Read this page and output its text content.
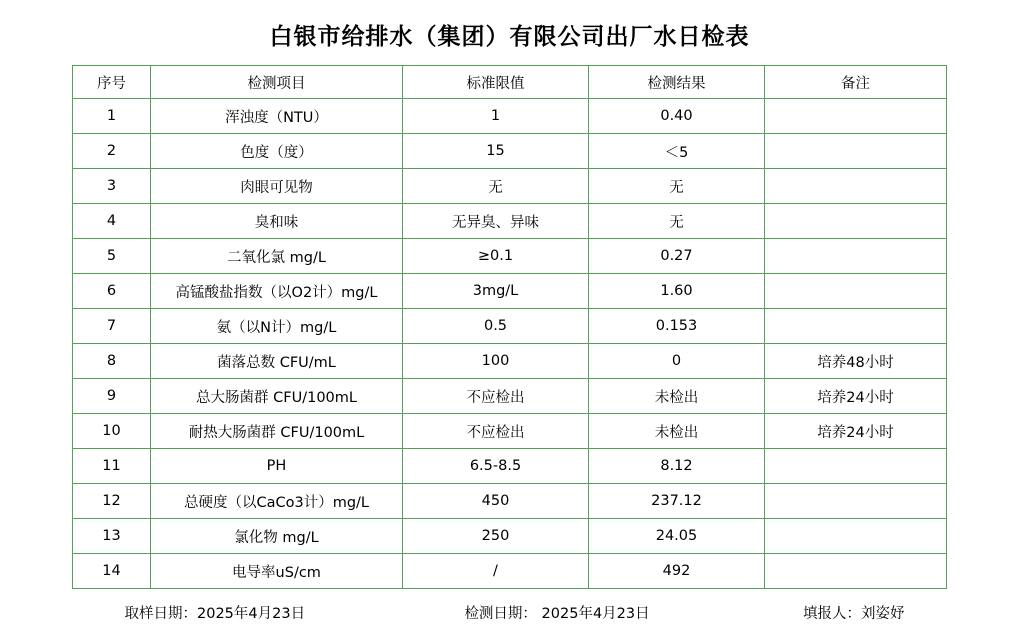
白银市给排水（集团）有限公司出厂水日检表
序号	检测项目	标准限值	检测结果	备注
1	浑浊度（NTU）	1	0.40	
2	色度（度）	15	＜5	
3	肉眼可见物	无	无	
4	臭和味	无异臭、异味	无	
5	二氧化氯 mg/L	≥0.1	0.27	
6	高锰酸盐指数（以O2计）mg/L	3mg/L	1.60	
7	氨（以N计）mg/L	0.5	0.153	
8	菌落总数 CFU/mL	100	0	培养48小时
9	总大肠菌群 CFU/100mL	不应检出	未检出	培养24小时
10	耐热大肠菌群 CFU/100mL	不应检出	未检出	培养24小时
11	PH	6.5-8.5	8.12	
12	总硬度（以CaCo3计）mg/L	450	237.12	
13	氯化物 mg/L	250	24.05	
14	电导率uS/cm	/	492	
取样日期：2025年4月23日	检测日期： 2025年4月23日	填报人：刘姿妤
